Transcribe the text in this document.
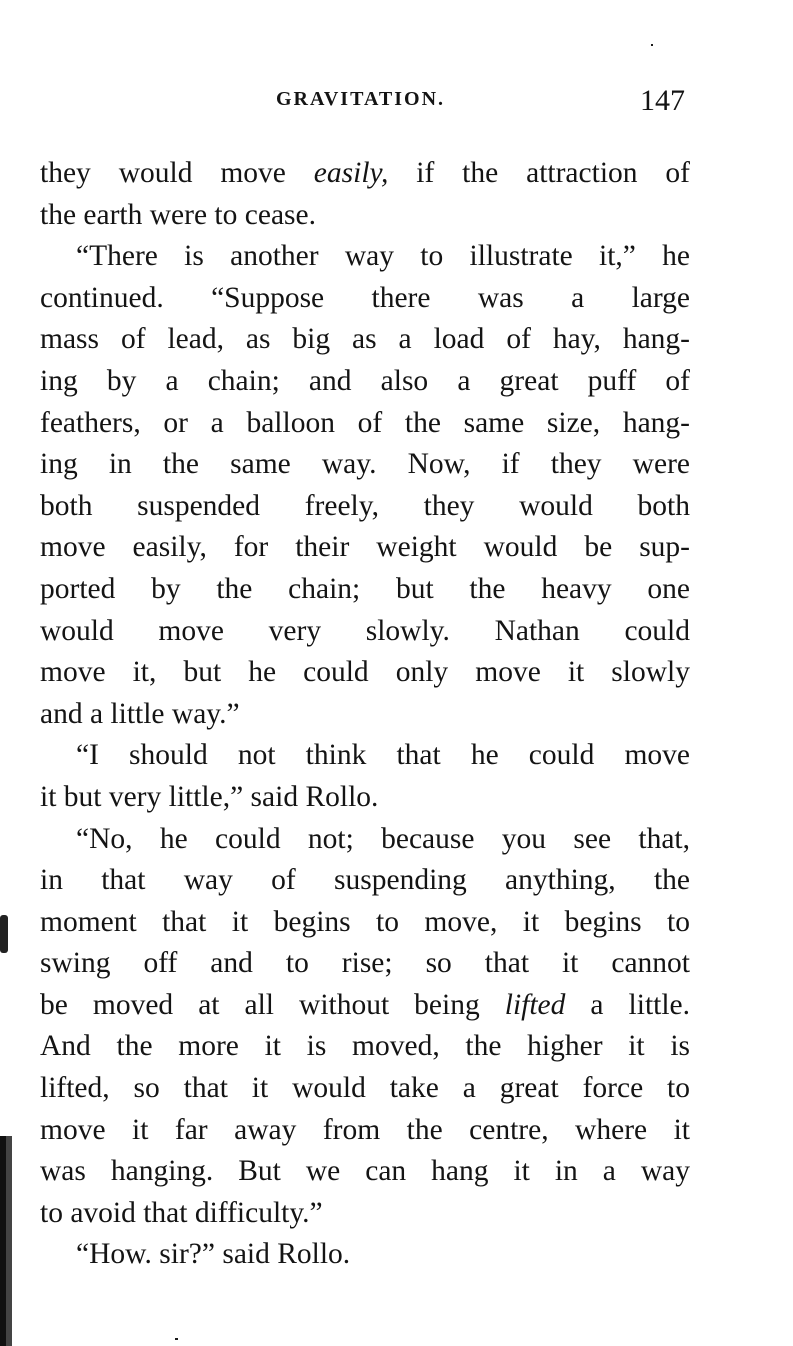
GRAVITATION.	147
they would move easily, if the attraction of
the earth were to cease.
“There is another way to illustrate it,” he
continued. “Suppose there was a large
mass of lead, as big as a load of hay, hang-
ing by a chain; and also a great puff of
feathers, or a balloon of the same size, hang-
ing in the same way. Now, if they were
both suspended freely, they would both
move easily, for their weight would be sup-
ported by the chain; but the heavy one
would move very slowly. Nathan could
move it, but he could only move it slowly
and a little way.”
“I should not think that he could move
it but very little,” said Rollo.
“No, he could not; because you see that,
in that way of suspending anything, the
moment that it begins to move, it begins to
swing off and to rise; so that it cannot
be moved at all without being lifted a little.
And the more it is moved, the higher it is
lifted, so that it would take a great force to
move it far away from the centre, where it
was hanging. But we can hang it in a way
to avoid that difficulty.”
“How. sir?” said Rollo.
